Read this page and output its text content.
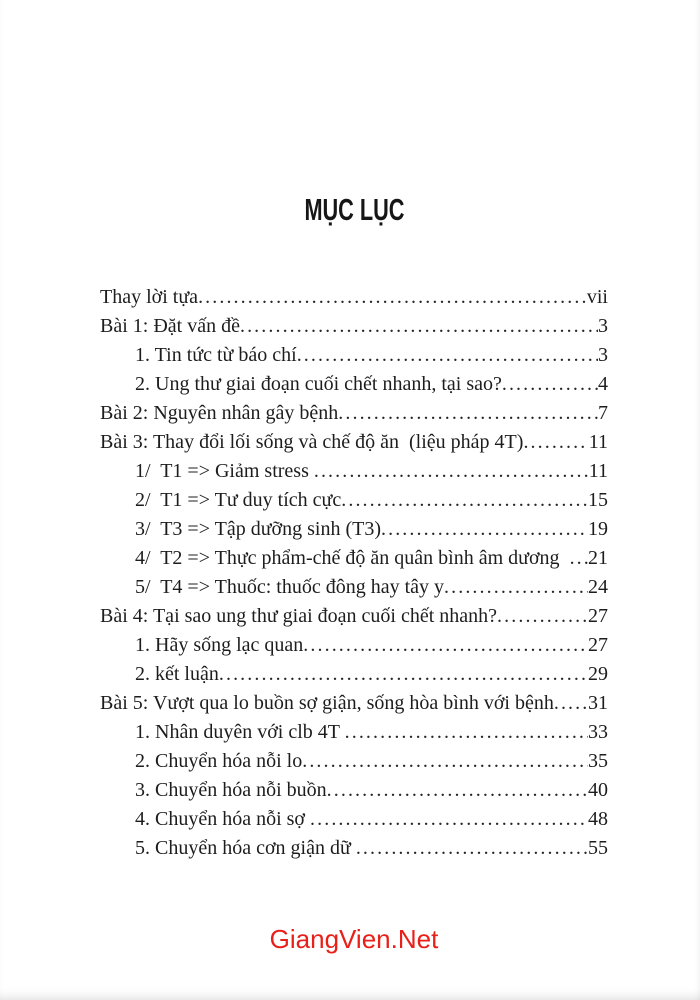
MỤC LỤC
Thay lời tựa .....	vii
Bài 1: Đặt vấn đề .....	3
1. Tin tức từ báo chí .....	3
2. Ung thư giai đoạn cuối chết nhanh, tại sao? .....	4
Bài 2: Nguyên nhân gây bệnh .....	7
Bài 3: Thay đổi lối sống và chế độ ăn  (liệu pháp 4T) .....	11
1/  T1 => Giảm stress .....	11
2/  T1 => Tư duy tích cực .....	15
3/  T3 => Tập dưỡng sinh (T3) .....	19
4/  T2 => Thực phẩm-chế độ ăn quân bình âm dương ..... 21
5/  T4 => Thuốc: thuốc đông hay tây y .....	24
Bài 4: Tại sao ung thư giai đoạn cuối chết nhanh? .....	27
1. Hãy sống lạc quan .....	27
2. kết luận .....	29
Bài 5: Vượt qua lo buồn sợ giận, sống hòa bình với bệnh ..... 31
1. Nhân duyên với clb 4T .....	33
2. Chuyển hóa nỗi lo .....	35
3. Chuyển hóa nỗi buồn .....	40
4. Chuyển hóa nỗi sợ .....	48
5. Chuyển hóa cơn giận dữ .....	55
GiangVien.Net
